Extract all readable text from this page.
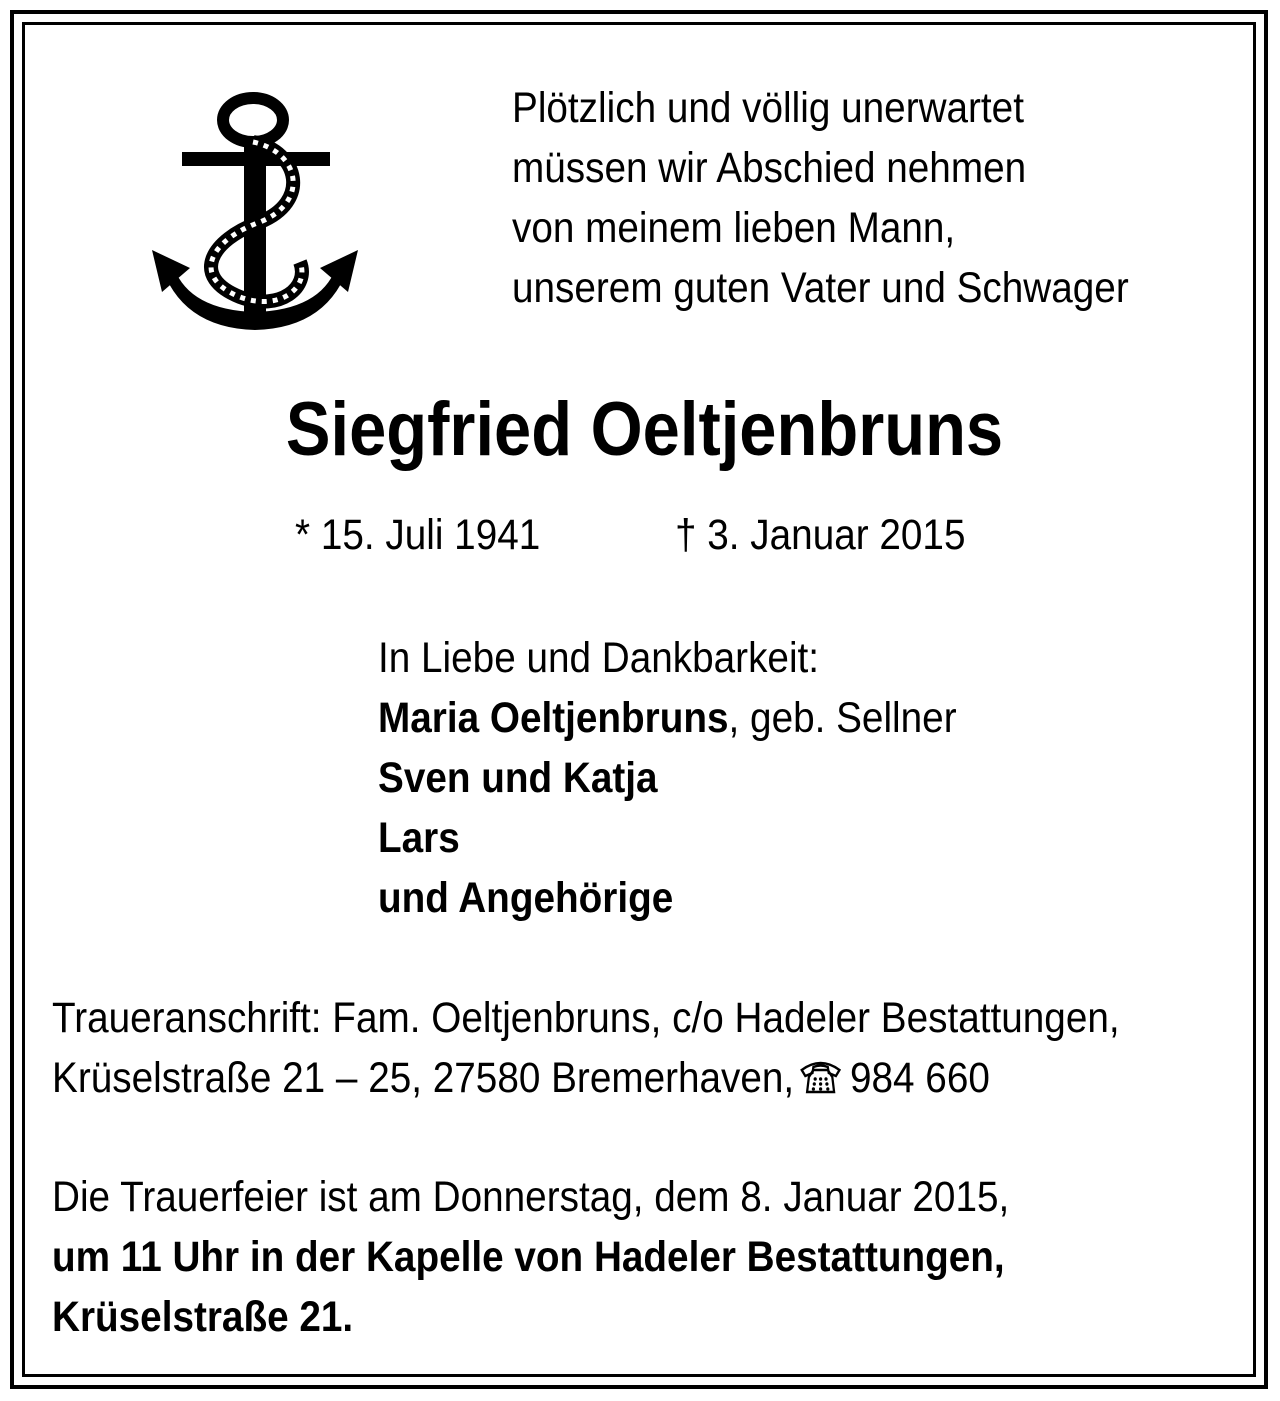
Plötzlich und völlig unerwartet
müssen wir Abschied nehmen
von meinem lieben Mann,
unserem guten Vater und Schwager
Siegfried Oeltjenbruns
* 15. Juli 1941	† 3. Januar 2015
In Liebe und Dankbarkeit:
Maria Oeltjenbruns, geb. Sellner
Sven und Katja
Lars
und Angehörige
Traueranschrift: Fam. Oeltjenbruns, c/o Hadeler Bestattungen,
Krüselstraße 21 – 25, 27580 Bremerhaven, 984 660
Die Trauerfeier ist am Donnerstag, dem 8. Januar 2015,
um 11 Uhr in der Kapelle von Hadeler Bestattungen,
Krüselstraße 21.
